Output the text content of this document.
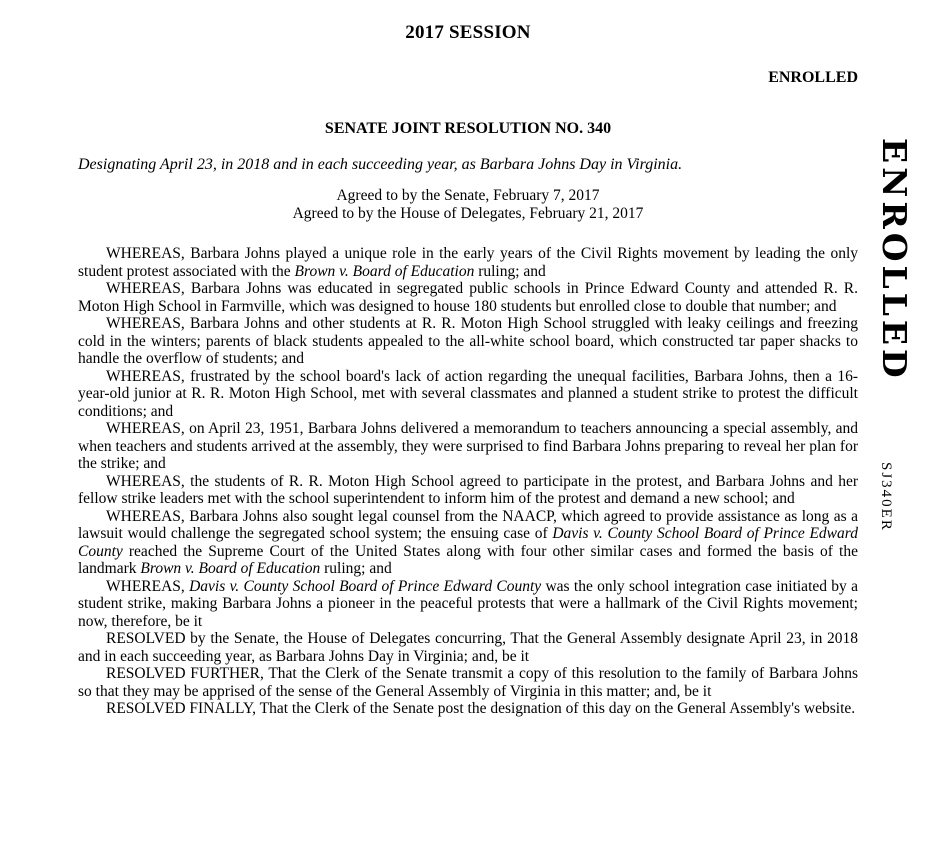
2017 SESSION
ENROLLED
SENATE JOINT RESOLUTION NO. 340

Designating April 23, in 2018 and in each succeeding year, as Barbara Johns Day in Virginia.

Agreed to by the Senate, February 7, 2017
Agreed to by the House of Delegates, February 21, 2017

WHEREAS, Barbara Johns played a unique role in the early years of the Civil Rights movement by leading the only student protest associated with the Brown v. Board of Education ruling; and

WHEREAS, Barbara Johns was educated in segregated public schools in Prince Edward County and attended R. R. Moton High School in Farmville, which was designed to house 180 students but enrolled close to double that number; and

WHEREAS, Barbara Johns and other students at R. R. Moton High School struggled with leaky ceilings and freezing cold in the winters; parents of black students appealed to the all-white school board, which constructed tar paper shacks to handle the overflow of students; and

WHEREAS, frustrated by the school board's lack of action regarding the unequal facilities, Barbara Johns, then a 16-year-old junior at R. R. Moton High School, met with several classmates and planned a student strike to protest the difficult conditions; and

WHEREAS, on April 23, 1951, Barbara Johns delivered a memorandum to teachers announcing a special assembly, and when teachers and students arrived at the assembly, they were surprised to find Barbara Johns preparing to reveal her plan for the strike; and

WHEREAS, the students of R. R. Moton High School agreed to participate in the protest, and Barbara Johns and her fellow strike leaders met with the school superintendent to inform him of the protest and demand a new school; and

WHEREAS, Barbara Johns also sought legal counsel from the NAACP, which agreed to provide assistance as long as a lawsuit would challenge the segregated school system; the ensuing case of Davis v. County School Board of Prince Edward County reached the Supreme Court of the United States along with four other similar cases and formed the basis of the landmark Brown v. Board of Education ruling; and

WHEREAS, Davis v. County School Board of Prince Edward County was the only school integration case initiated by a student strike, making Barbara Johns a pioneer in the peaceful protests that were a hallmark of the Civil Rights movement; now, therefore, be it

RESOLVED by the Senate, the House of Delegates concurring, That the General Assembly designate April 23, in 2018 and in each succeeding year, as Barbara Johns Day in Virginia; and, be it

RESOLVED FURTHER, That the Clerk of the Senate transmit a copy of this resolution to the family of Barbara Johns so that they may be apprised of the sense of the General Assembly of Virginia in this matter; and, be it

RESOLVED FINALLY, That the Clerk of the Senate post the designation of this day on the General Assembly's website.

ENROLLED
SJ340ER
